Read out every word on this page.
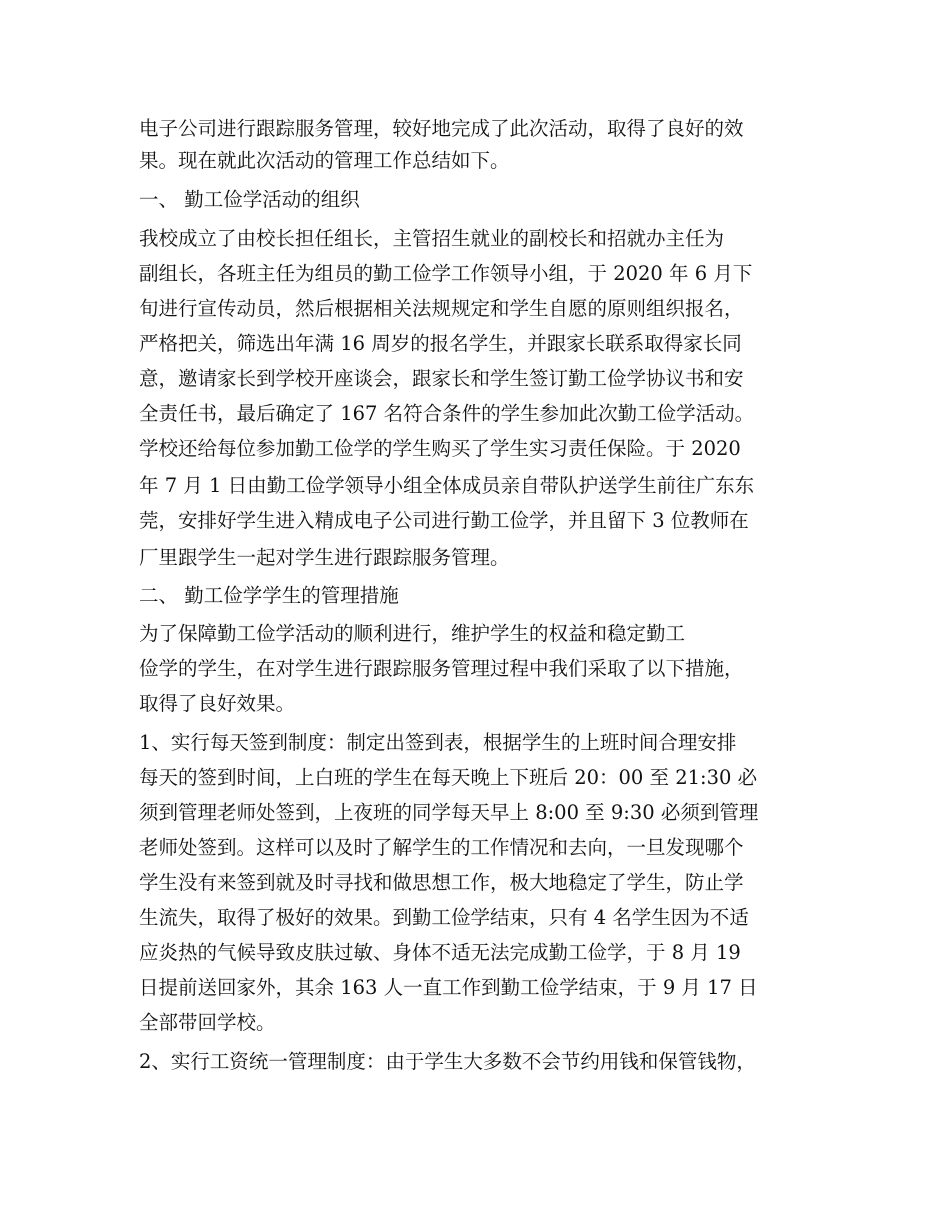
电子公司进行跟踪服务管理，较好地完成了此次活动，取得了良好的效
果。现在就此次活动的管理工作总结如下。
一、 勤工俭学活动的组织
我校成立了由校长担任组长，主管招生就业的副校长和招就办主任为
副组长，各班主任为组员的勤工俭学工作领导小组，于 2020 年 6 月下
旬进行宣传动员，然后根据相关法规规定和学生自愿的原则组织报名，
严格把关，筛选出年满 16 周岁的报名学生，并跟家长联系取得家长同
意，邀请家长到学校开座谈会，跟家长和学生签订勤工俭学协议书和安
全责任书，最后确定了 167 名符合条件的学生参加此次勤工俭学活动。
学校还给每位参加勤工俭学的学生购买了学生实习责任保险。于 2020
年 7 月 1 日由勤工俭学领导小组全体成员亲自带队护送学生前往广东东
莞，安排好学生进入精成电子公司进行勤工俭学，并且留下 3 位教师在
厂里跟学生一起对学生进行跟踪服务管理。
二、 勤工俭学学生的管理措施
为了保障勤工俭学活动的顺利进行，维护学生的权益和稳定勤工
俭学的学生，在对学生进行跟踪服务管理过程中我们采取了以下措施，
取得了良好效果。
1、实行每天签到制度：制定出签到表，根据学生的上班时间合理安排
每天的签到时间，上白班的学生在每天晚上下班后 20：00 至 21:30 必
须到管理老师处签到，上夜班的同学每天早上 8:00 至 9:30 必须到管理
老师处签到。这样可以及时了解学生的工作情况和去向，一旦发现哪个
学生没有来签到就及时寻找和做思想工作，极大地稳定了学生，防止学
生流失，取得了极好的效果。到勤工俭学结束，只有 4 名学生因为不适
应炎热的气候导致皮肤过敏、身体不适无法完成勤工俭学，于 8 月 19
日提前送回家外，其余 163 人一直工作到勤工俭学结束，于 9 月 17 日
全部带回学校。
2、实行工资统一管理制度：由于学生大多数不会节约用钱和保管钱物，
